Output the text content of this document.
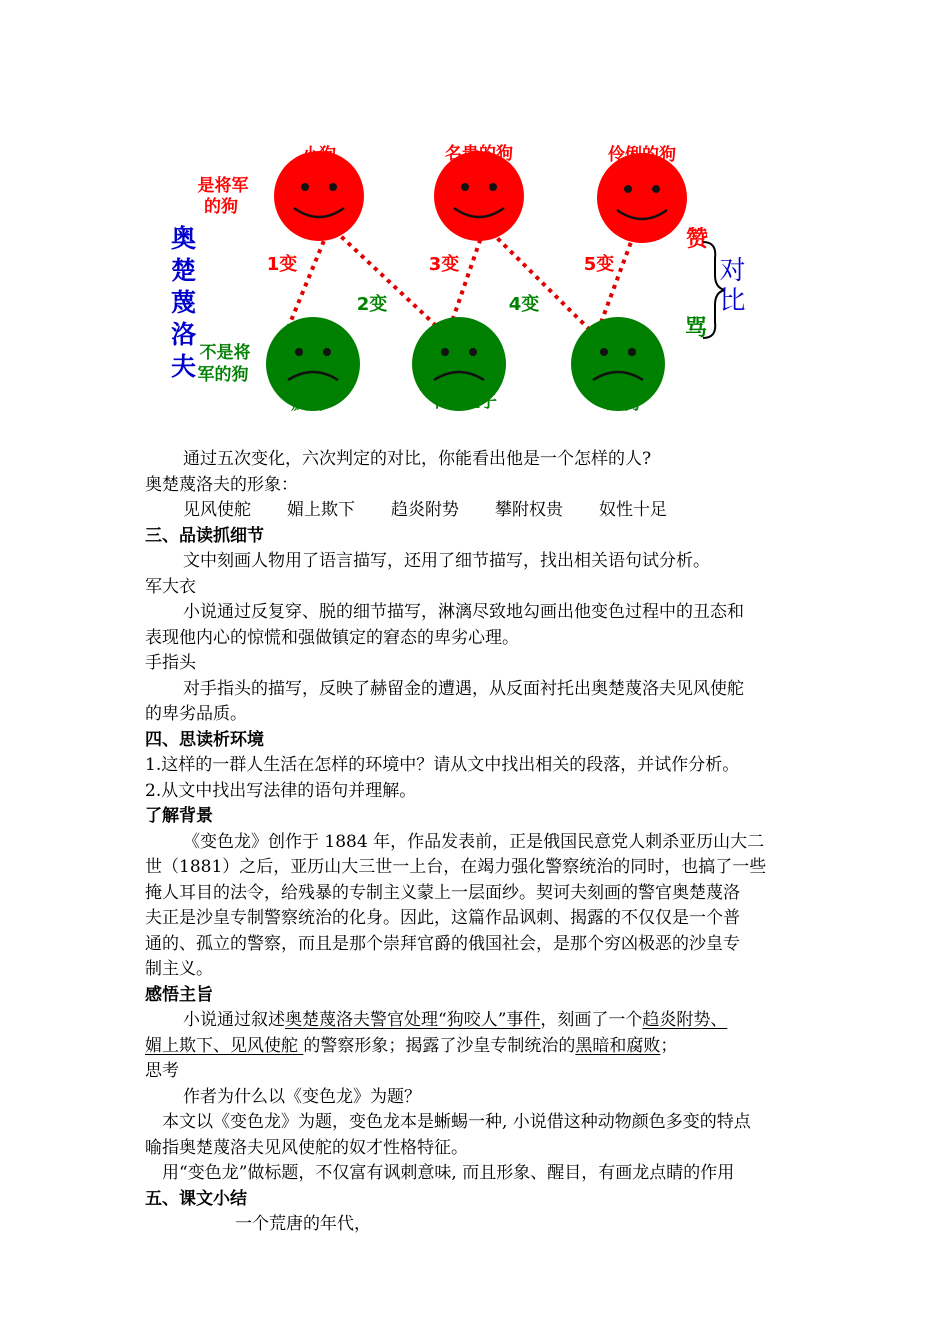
小狗	名贵的狗	伶俐的狗
是将军
的狗
不是将
军的狗
疯狗	下贱胚子	野狗
1变
2变
3变
4变
5变
奥楚蔑洛夫	赞
骂
对比
通过五次变化，六次判定的对比，你能看出他是一个怎样的人?
奥楚蔑洛夫的形象：
见风使舵 媚上欺下 趋炎附势 攀附权贵 奴性十足
三、品读抓细节
文中刻画人物用了语言描写，还用了细节描写，找出相关语句试分析。
军大衣
小说通过反复穿、脱的细节描写，淋漓尽致地勾画出他变色过程中的丑态和
表现他内心的惊慌和强做镇定的窘态的卑劣心理。
手指头
对手指头的描写，反映了赫留金的遭遇，从反面衬托出奥楚蔑洛夫见风使舵
的卑劣品质。
四、思读析环境
1.这样的一群人生活在怎样的环境中？请从文中找出相关的段落，并试作分析。
2.从文中找出写法律的语句并理解。
了解背景
《变色龙》创作于 1884 年，作品发表前，正是俄国民意党人刺杀亚历山大二
世（1881）之后，亚历山大三世一上台，在竭力强化警察统治的同时，也搞了一些
掩人耳目的法令，给残暴的专制主义蒙上一层面纱。契诃夫刻画的警官奥楚蔑洛
夫正是沙皇专制警察统治的化身。因此，这篇作品讽刺、揭露的不仅仅是一个普
通的、孤立的警察，而且是那个崇拜官爵的俄国社会，是那个穷凶极恶的沙皇专
制主义。
感悟主旨
小说通过叙述奥楚蔑洛夫警官处理“狗咬人”事件，刻画了一个趋炎附势、
媚上欺下、见风使舵 的警察形象；揭露了沙皇专制统治的黑暗和腐败；
思考
作者为什么以《变色龙》为题？
本文以《变色龙》为题，变色龙本是蜥蜴一种, 小说借这种动物颜色多变的特点
喻指奥楚蔑洛夫见风使舵的奴才性格特征。
用“变色龙”做标题，不仅富有讽刺意味, 而且形象、醒目，有画龙点睛的作用
五、课文小结
一个荒唐的年代，
